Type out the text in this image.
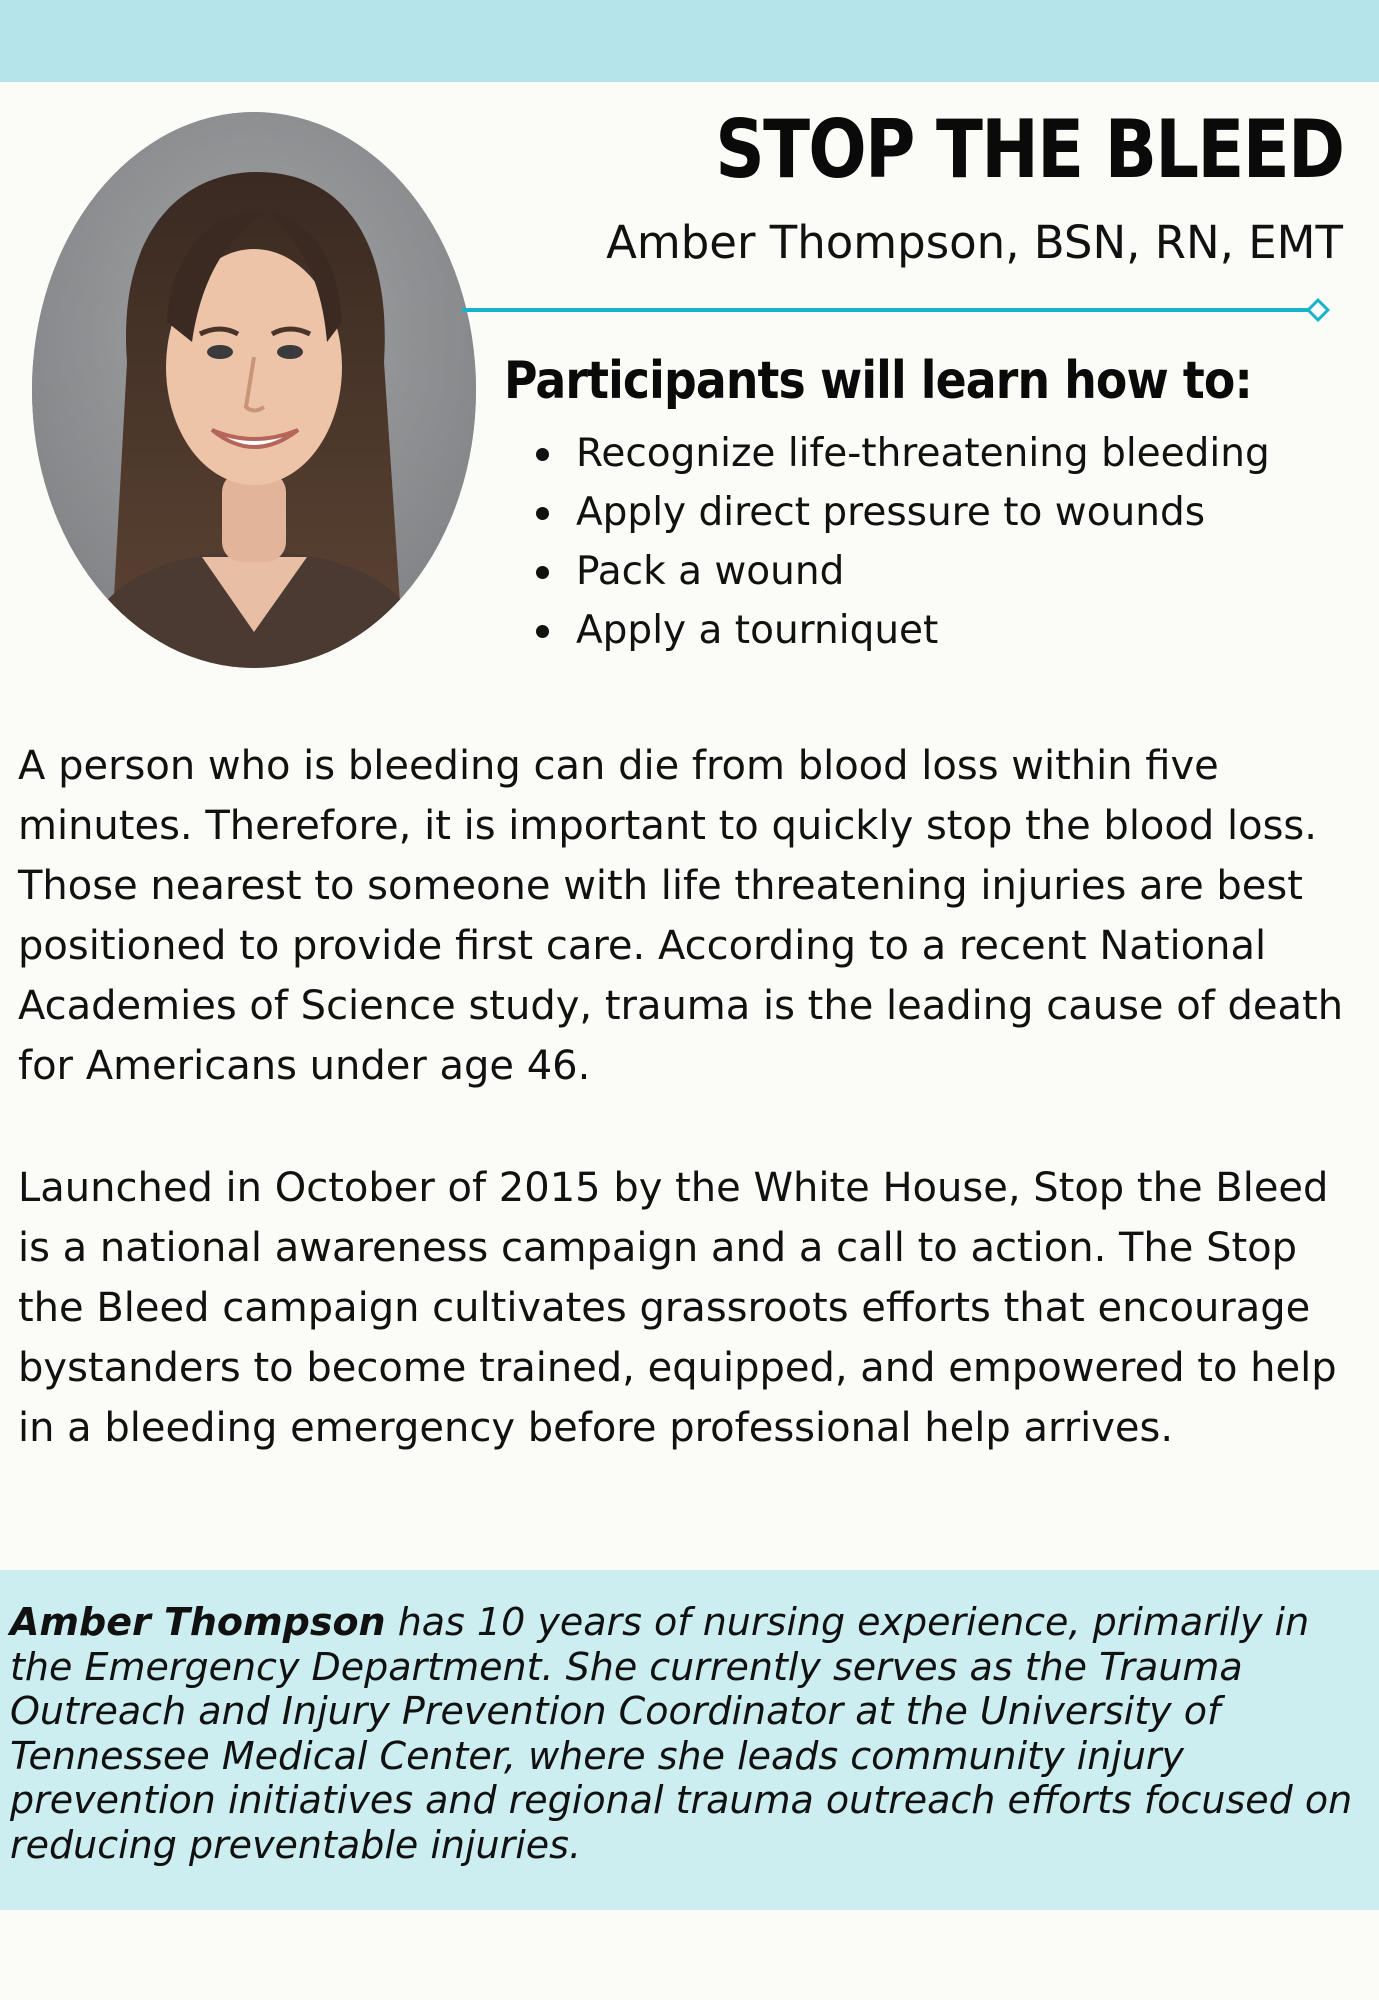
STOP THE BLEED
Amber Thompson, BSN, RN, EMT
Participants will learn how to:
Recognize life-threatening bleeding
Apply direct pressure to wounds
Pack a wound
Apply a tourniquet

A person who is bleeding can die from blood loss within five minutes. Therefore, it is important to quickly stop the blood loss. Those nearest to someone with life threatening injuries are best positioned to provide first care. According to a recent National Academies of Science study, trauma is the leading cause of death for Americans under age 46.

Launched in October of 2015 by the White House, Stop the Bleed is a national awareness campaign and a call to action. The Stop the Bleed campaign cultivates grassroots efforts that encourage bystanders to become trained, equipped, and empowered to help in a bleeding emergency before professional help arrives.

Amber Thompson has 10 years of nursing experience, primarily in the Emergency Department. She currently serves as the Trauma Outreach and Injury Prevention Coordinator at the University of Tennessee Medical Center, where she leads community injury prevention initiatives and regional trauma outreach efforts focused on reducing preventable injuries.
